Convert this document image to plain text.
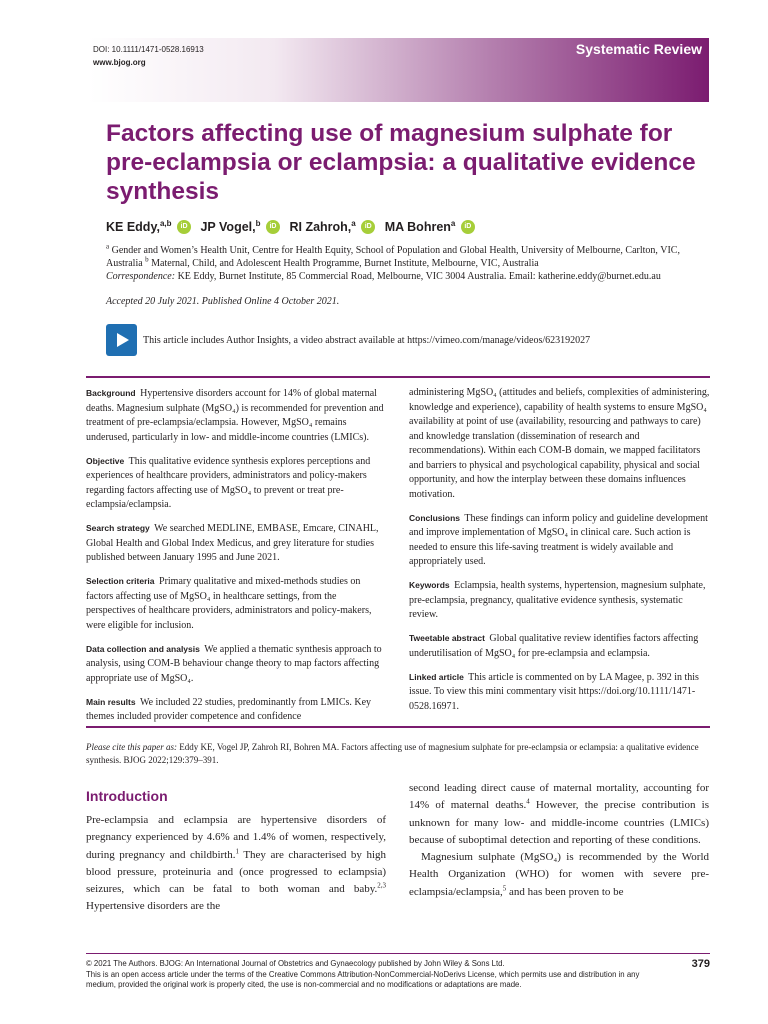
DOI: 10.1111/1471-0528.16913
www.bjog.org
Systematic Review
Factors affecting use of magnesium sulphate for pre-eclampsia or eclampsia: a qualitative evidence synthesis
KE Eddy,$^{a,b}$ iD JP Vogel,$^b$ iD RI Zahroh,$^a$ iD MA Bohren$^a$ iD
$^a$ Gender and Women’s Health Unit, Centre for Health Equity, School of Population and Global Health, University of Melbourne, Carlton, VIC, Australia $^b$ Maternal, Child, and Adolescent Health Programme, Burnet Institute, Melbourne, VIC, Australia
Correspondence: KE Eddy, Burnet Institute, 85 Commercial Road, Melbourne, VIC 3004 Australia. Email: katherine.eddy@burnet.edu.au
Accepted 20 July 2021. Published Online 4 October 2021.
This article includes Author Insights, a video abstract available at https://vimeo.com/manage/videos/623192027

Background Hypertensive disorders account for 14% of global maternal deaths. Magnesium sulphate (MgSO₄) is recommended for prevention and treatment of pre-eclampsia/eclampsia. However, MgSO₄ remains underused, particularly in low- and middle-income countries (LMICs).

Objective This qualitative evidence synthesis explores perceptions and experiences of healthcare providers, administrators and policy-makers regarding factors affecting use of MgSO₄ to prevent or treat pre-eclampsia/eclampsia.

Search strategy We searched MEDLINE, EMBASE, Emcare, CINAHL, Global Health and Global Index Medicus, and grey literature for studies published between January 1995 and June 2021.

Selection criteria Primary qualitative and mixed-methods studies on factors affecting use of MgSO₄ in healthcare settings, from the perspectives of healthcare providers, administrators and policy-makers, were eligible for inclusion.

Data collection and analysis We applied a thematic synthesis approach to analysis, using COM-B behaviour change theory to map factors affecting appropriate use of MgSO₄.

Main results We included 22 studies, predominantly from LMICs. Key themes included provider competence and confidence

administering MgSO₄ (attitudes and beliefs, complexities of administering, knowledge and experience), capability of health systems to ensure MgSO₄ availability at point of use (availability, resourcing and pathways to care) and knowledge translation (dissemination of research and recommendations). Within each COM-B domain, we mapped facilitators and barriers to physical and psychological capability, physical and social opportunity, and how the interplay between these domains influences motivation.

Conclusions These findings can inform policy and guideline development and improve implementation of MgSO₄ in clinical care. Such action is needed to ensure this life-saving treatment is widely available and appropriately used.

Keywords Eclampsia, health systems, hypertension, magnesium sulphate, pre-eclampsia, pregnancy, qualitative evidence synthesis, systematic review.

Tweetable abstract Global qualitative review identifies factors affecting underutilisation of MgSO₄ for pre-eclampsia and eclampsia.

Linked article This article is commented on by LA Magee, p. 392 in this issue. To view this mini commentary visit https://doi.org/10.1111/1471-0528.16971.

Please cite this paper as: Eddy KE, Vogel JP, Zahroh RI, Bohren MA. Factors affecting use of magnesium sulphate for pre-eclampsia or eclampsia: a qualitative evidence synthesis. BJOG 2022;129:379–391.
Introduction

Pre-eclampsia and eclampsia are hypertensive disorders of pregnancy experienced by 4.6% and 1.4% of women, respectively, during pregnancy and childbirth.$^1$ They are characterised by high blood pressure, proteinuria and (once progressed to eclampsia) seizures, which can be fatal to both woman and baby.$^{2,3}$ Hypertensive disorders are the

second leading direct cause of maternal mortality, accounting for 14% of maternal deaths.$^4$ However, the precise contribution is unknown for many low- and middle-income countries (LMICs) because of suboptimal detection and reporting of these conditions.

Magnesium sulphate (MgSO₄) is recommended by the World Health Organization (WHO) for women with severe pre-eclampsia/eclampsia,$^5$ and has been proven to be

© 2021 The Authors. BJOG: An International Journal of Obstetrics and Gynaecology published by John Wiley & Sons Ltd.
This is an open access article under the terms of the Creative Commons Attribution-NonCommercial-NoDerivs License, which permits use and distribution in any medium, provided the original work is properly cited, the use is non-commercial and no modifications or adaptations are made.
379
